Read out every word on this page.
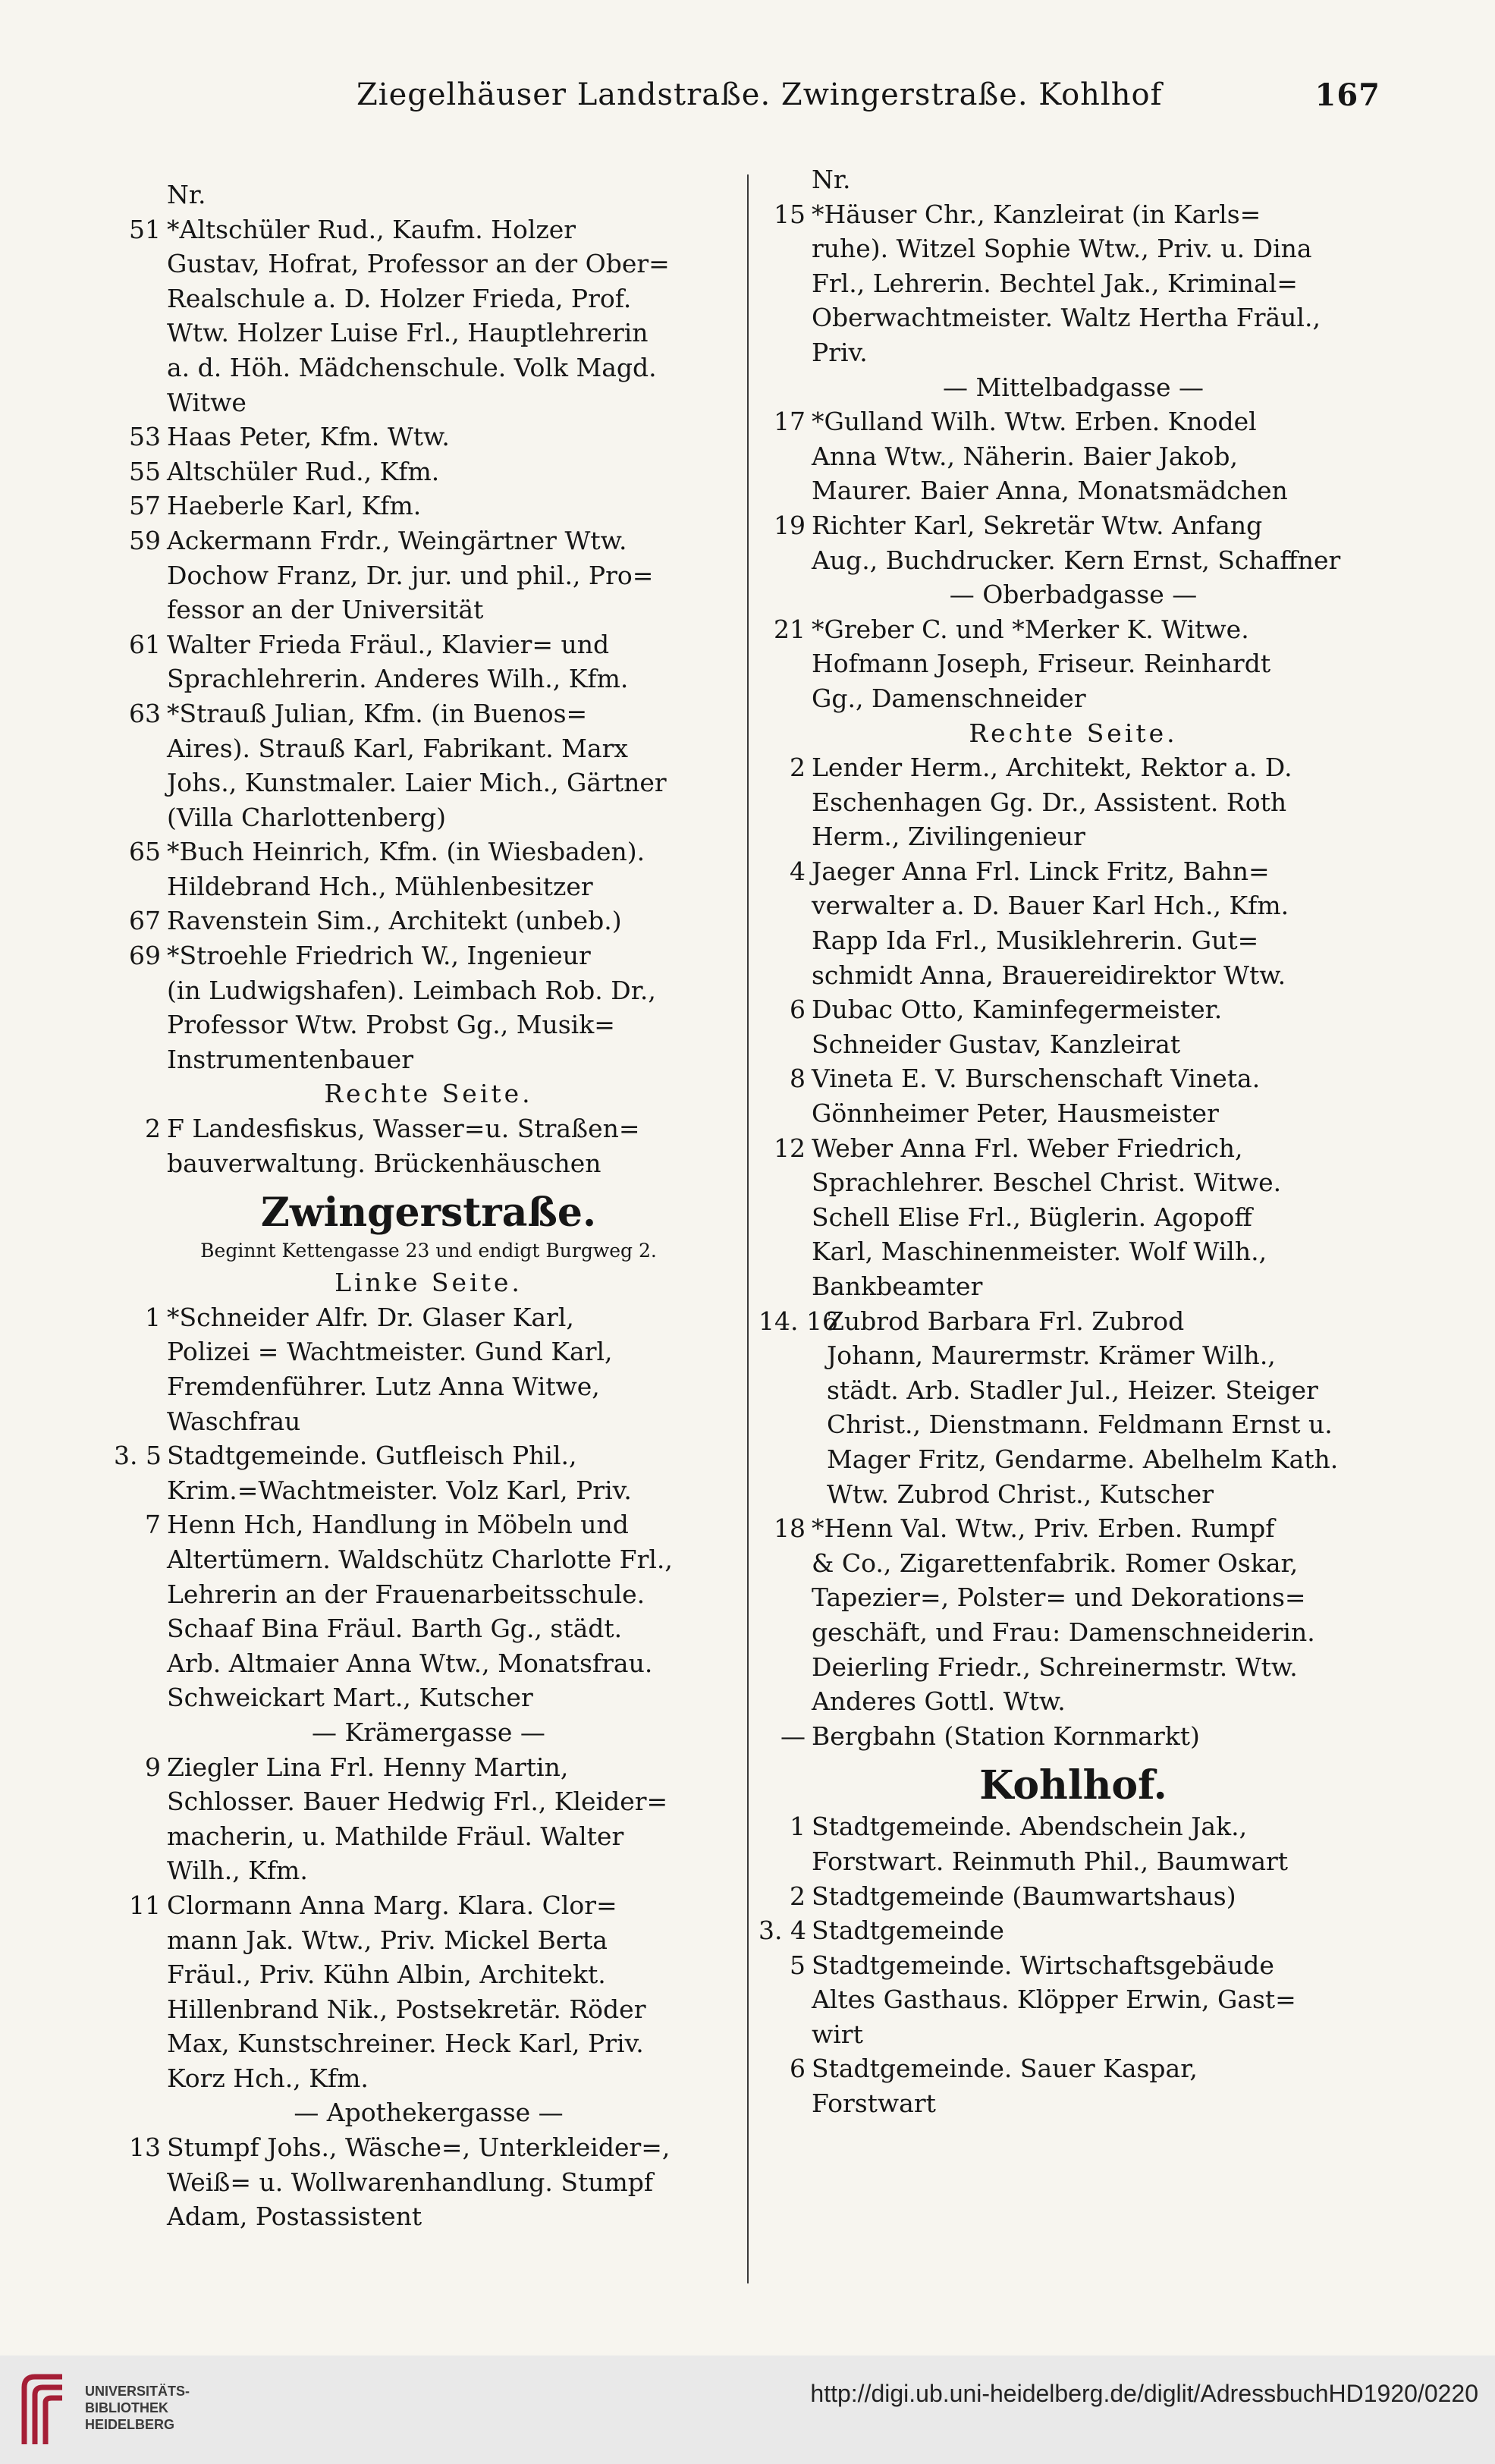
Ziegelhäuser Landstraße. Zwingerstraße. Kohlhof	167
Nr.
51 *Altschüler Rud., Kaufm. Holzer
Gustav, Hofrat, Professor an der Ober=
Realschule a. D. Holzer Frieda, Prof.
Wtw. Holzer Luise Frl., Hauptlehrerin
a. d. Höh. Mädchenschule. Volk Magd.
Witwe
53 Haas Peter, Kfm. Wtw.
55 Altschüler Rud., Kfm.
57 Haeberle Karl, Kfm.
59 Ackermann Frdr., Weingärtner Wtw.
Dochow Franz, Dr. jur. und phil., Pro=
fessor an der Universität
61 Walter Frieda Fräul., Klavier= und
Sprachlehrerin. Anderes Wilh., Kfm.
63 *Strauß Julian, Kfm. (in Buenos=
Aires). Strauß Karl, Fabrikant. Marx
Johs., Kunstmaler. Laier Mich., Gärtner
(Villa Charlottenberg)
65 *Buch Heinrich, Kfm. (in Wiesbaden).
Hildebrand Hch., Mühlenbesitzer
67 Ravenstein Sim., Architekt (unbeb.)
69 *Stroehle Friedrich W., Ingenieur
(in Ludwigshafen). Leimbach Rob. Dr.,
Professor Wtw. Probst Gg., Musik=
Instrumentenbauer
Rechte Seite.
2 F Landesfiskus, Wasser=u. Straßen=
bauverwaltung. Brückenhäuschen
Zwingerstraße.
Beginnt Kettengasse 23 und endigt Burgweg 2.
Linke Seite.
1 *Schneider Alfr. Dr. Glaser Karl,
Polizei = Wachtmeister. Gund Karl,
Fremdenführer. Lutz Anna Witwe,
Waschfrau
3. 5 Stadtgemeinde. Gutfleisch Phil.,
Krim.=Wachtmeister. Volz Karl, Priv.
7 Henn Hch, Handlung in Möbeln und
Altertümern. Waldschütz Charlotte Frl.,
Lehrerin an der Frauenarbeitsschule.
Schaaf Bina Fräul. Barth Gg., städt.
Arb. Altmaier Anna Wtw., Monatsfrau.
Schweickart Mart., Kutscher
— Krämergasse —
9 Ziegler Lina Frl. Henny Martin,
Schlosser. Bauer Hedwig Frl., Kleider=
macherin, u. Mathilde Fräul. Walter
Wilh., Kfm.
11 Clormann Anna Marg. Klara. Clor=
mann Jak. Wtw., Priv. Mickel Berta
Fräul., Priv. Kühn Albin, Architekt.
Hillenbrand Nik., Postsekretär. Röder
Max, Kunstschreiner. Heck Karl, Priv.
Korz Hch., Kfm.
— Apothekergasse —
13 Stumpf Johs., Wäsche=, Unterkleider=,
Weiß= u. Wollwarenhandlung. Stumpf
Adam, Postassistent
Nr.
15 *Häuser Chr., Kanzleirat (in Karls=
ruhe). Witzel Sophie Wtw., Priv. u. Dina
Frl., Lehrerin. Bechtel Jak., Kriminal=
Oberwachtmeister. Waltz Hertha Fräul.,
Priv.
— Mittelbadgasse —
17 *Gulland Wilh. Wtw. Erben. Knodel
Anna Wtw., Näherin. Baier Jakob,
Maurer. Baier Anna, Monatsmädchen
19 Richter Karl, Sekretär Wtw. Anfang
Aug., Buchdrucker. Kern Ernst, Schaffner
— Oberbadgasse —
21 *Greber C. und *Merker K. Witwe.
Hofmann Joseph, Friseur. Reinhardt
Gg., Damenschneider
Rechte Seite.
2 Lender Herm., Architekt, Rektor a. D.
Eschenhagen Gg. Dr., Assistent. Roth
Herm., Zivilingenieur
4 Jaeger Anna Frl. Linck Fritz, Bahn=
verwalter a. D. Bauer Karl Hch., Kfm.
Rapp Ida Frl., Musiklehrerin. Gut=
schmidt Anna, Brauereidirektor Wtw.
6 Dubac Otto, Kaminfegermeister.
Schneider Gustav, Kanzleirat
8 Vineta E. V. Burschenschaft Vineta.
Gönnheimer Peter, Hausmeister
12 Weber Anna Frl. Weber Friedrich,
Sprachlehrer. Beschel Christ. Witwe.
Schell Elise Frl., Büglerin. Agopoff
Karl, Maschinenmeister. Wolf Wilh.,
Bankbeamter
14. 16
Zubrod Barbara Frl. Zubrod
Johann, Maurermstr. Krämer Wilh.,
städt. Arb. Stadler Jul., Heizer. Steiger
Christ., Dienstmann. Feldmann Ernst u.
Mager Fritz, Gendarme. Abelhelm Kath.
Wtw. Zubrod Christ., Kutscher
18 *Henn Val. Wtw., Priv. Erben. Rumpf
& Co., Zigarettenfabrik. Romer Oskar,
Tapezier=, Polster= und Dekorations=
geschäft, und Frau: Damenschneiderin.
Deierling Friedr., Schreinermstr. Wtw.
Anderes Gottl. Wtw.
— Bergbahn (Station Kornmarkt)
Kohlhof.
1 Stadtgemeinde. Abendschein Jak.,
Forstwart. Reinmuth Phil., Baumwart
2 Stadtgemeinde (Baumwartshaus)
3. 4 Stadtgemeinde
5 Stadtgemeinde. Wirtschaftsgebäude
Altes Gasthaus. Klöpper Erwin, Gast=
wirt
6 Stadtgemeinde. Sauer Kaspar,
Forstwart
UNIVERSITÄTS-
BIBLIOTHEK
HEIDELBERG
http://digi.ub.uni-heidelberg.de/diglit/AdressbuchHD1920/0220
